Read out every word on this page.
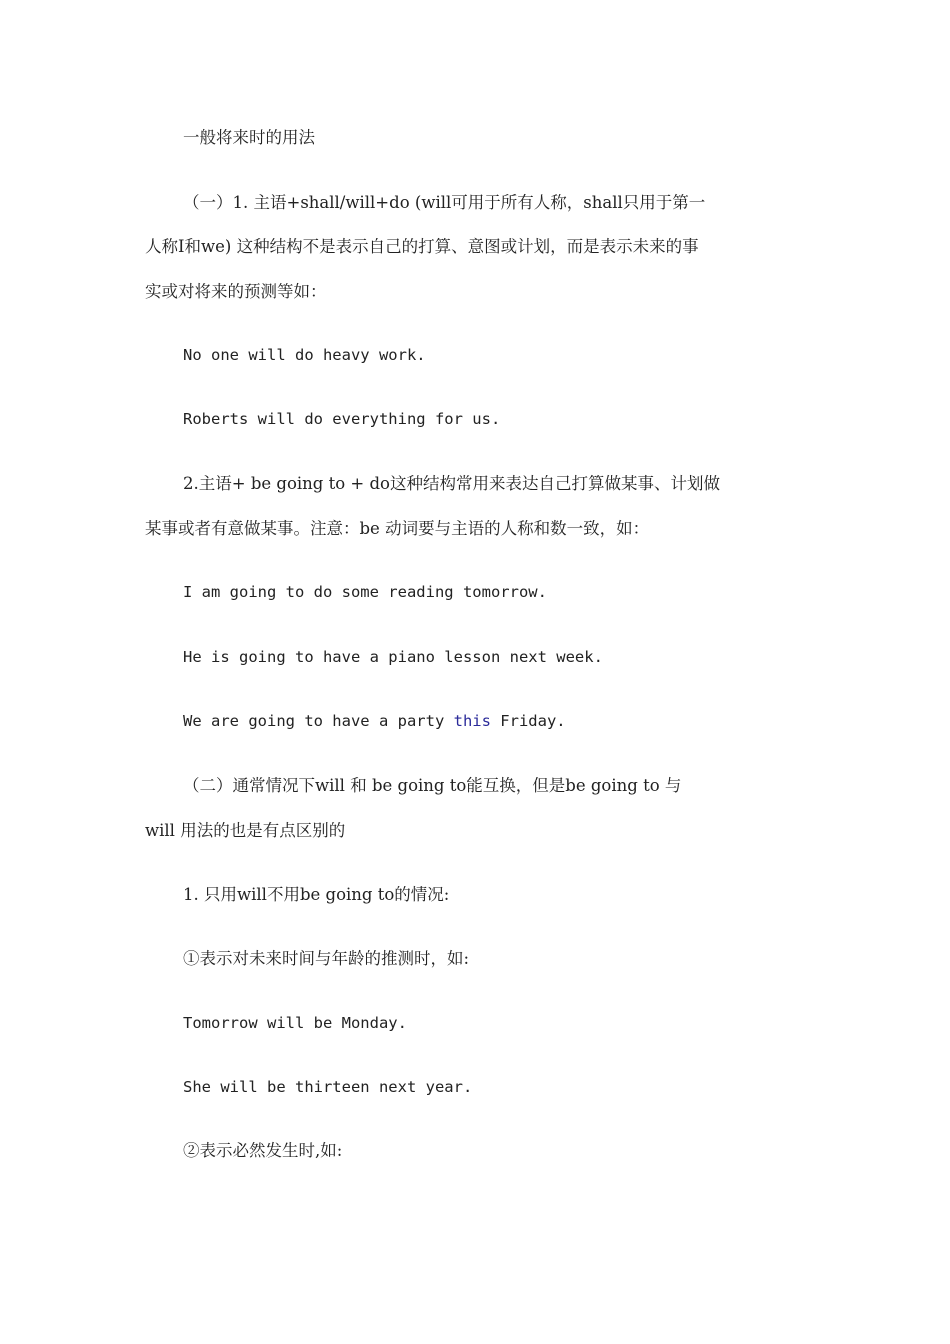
一般将来时的用法
（一）1. 主语+shall/will+do (will可用于所有人称，shall只用于第一
人称I和we) 这种结构不是表示自己的打算、意图或计划，而是表示未来的事
实或对将来的预测等如：
No one will do heavy work.
Roberts will do everything for us.
2.主语+ be going to + do这种结构常用来表达自己打算做某事、计划做
某事或者有意做某事。注意：be 动词要与主语的人称和数一致，如：
I am going to do some reading tomorrow.
He is going to have a piano lesson next week.
We are going to have a party this Friday.
（二）通常情况下will 和 be going to能互换，但是be going to 与
will 用法的也是有点区别的
1. 只用will不用be going to的情况:
①表示对未来时间与年龄的推测时，如:
Tomorrow will be Monday.
She will be thirteen next year.
②表示必然发生时,如:
